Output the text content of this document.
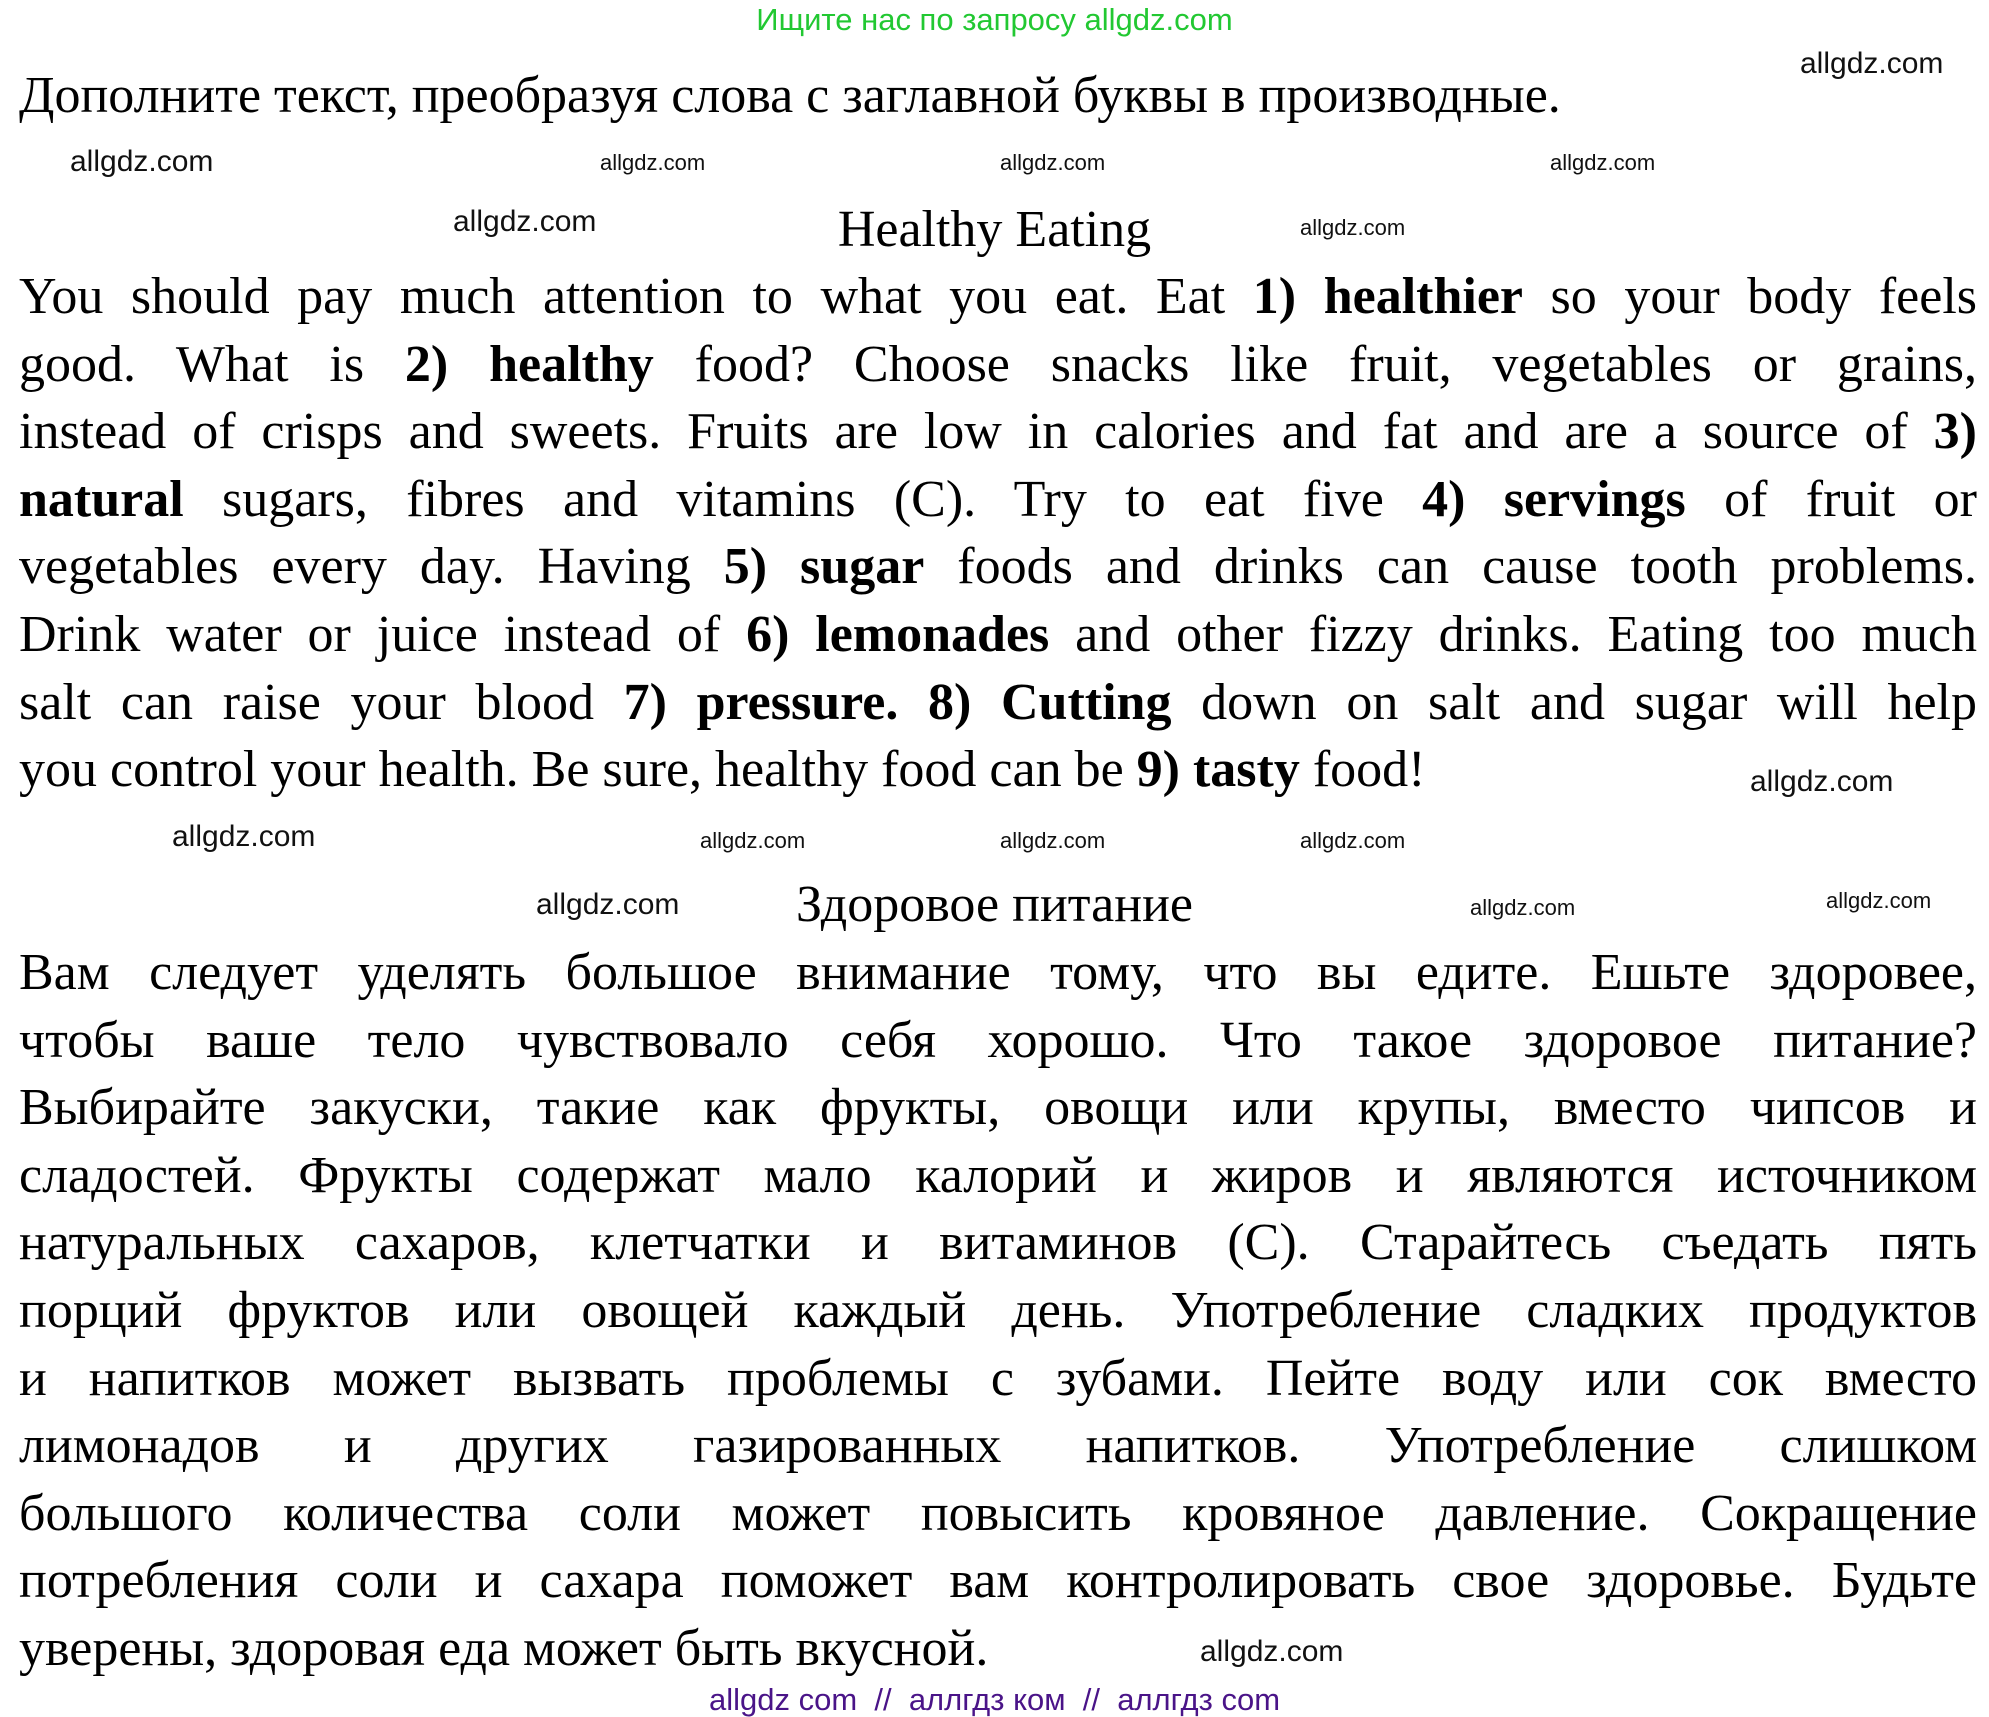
Ищите нас по запросу allgdz.com
Дополните текст, преобразуя слова с заглавной буквы в производные.
Healthy Eating
You should pay much attention to what you eat. Eat 1) healthier so your body feels
good. What is 2) healthy food? Choose snacks like fruit, vegetables or grains,
instead of crisps and sweets. Fruits are low in calories and fat and are a source of 3)
natural sugars, fibres and vitamins (C). Try to eat five 4) servings of fruit or
vegetables every day. Having 5) sugar foods and drinks can cause tooth problems.
Drink water or juice instead of 6) lemonades and other fizzy drinks. Eating too much
salt can raise your blood 7) pressure. 8) Cutting down on salt and sugar will help
you control your health. Be sure, healthy food can be 9) tasty food!
Здоровое питание
Вам следует уделять большое внимание тому, что вы едите. Ешьте здоровее,
чтобы ваше тело чувствовало себя хорошо. Что такое здоровое питание?
Выбирайте закуски, такие как фрукты, овощи или крупы, вместо чипсов и
сладостей. Фрукты содержат мало калорий и жиров и являются источником
натуральных сахаров, клетчатки и витаминов (С). Старайтесь съедать пять
порций фруктов или овощей каждый день. Употребление сладких продуктов
и напитков может вызвать проблемы с зубами. Пейте воду или сок вместо
лимонадов и других газированных напитков. Употребление слишком
большого количества соли может повысить кровяное давление. Сокращение
потребления соли и сахара поможет вам контролировать свое здоровье. Будьте
уверены, здоровая еда может быть вкусной.
allgdz.com
allgdz.com
allgdz.com	allgdz.com
allgdz.com	allgdz.com
allgdz.com
allgdz.com
allgdz.com
allgdz.com	allgdz.com
allgdz.com	allgdz.com	allgdz.com
allgdz.com
allgdz.com
allgdz com  //  аллгдз ком  //  аллгдз com
